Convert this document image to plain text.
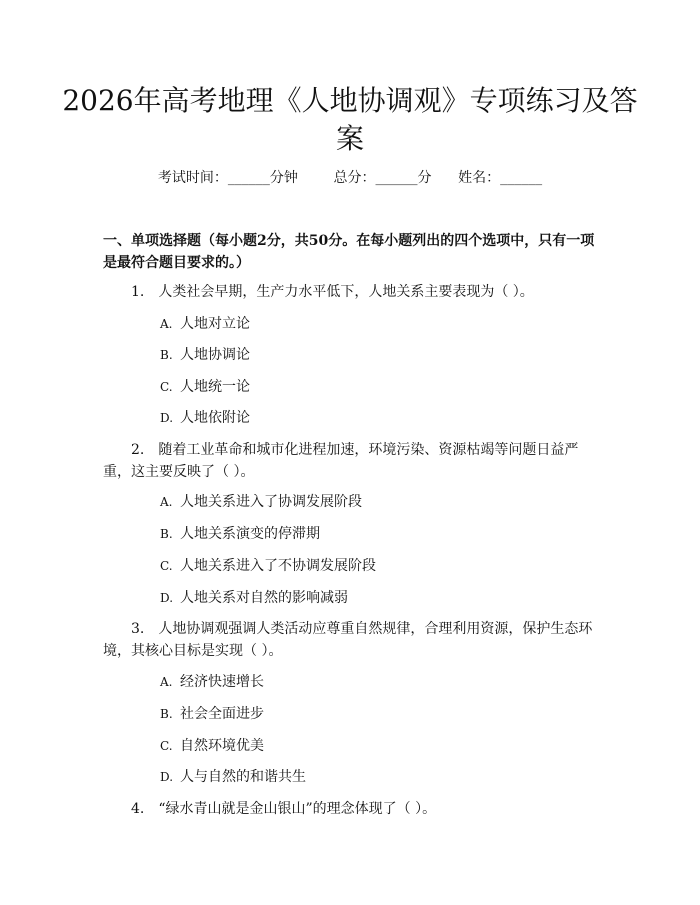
2026年高考地理《人地协调观》专项练习及答案
考试时间：______分钟	总分：______分 姓名：______
一、单项选择题（每小题2分，共50分。在每小题列出的四个选项中，只有一项是最符合题目要求的。）
1.　人类社会早期，生产力水平低下，人地关系主要表现为（ ）。
A. 人地对立论
B. 人地协调论
C. 人地统一论
D. 人地依附论
2.　随着工业革命和城市化进程加速，环境污染、资源枯竭等问题日益严重，这主要反映了（ ）。
A. 人地关系进入了协调发展阶段
B. 人地关系演变的停滞期
C. 人地关系进入了不协调发展阶段
D. 人地关系对自然的影响减弱
3.　人地协调观强调人类活动应尊重自然规律，合理利用资源，保护生态环境，其核心目标是实现（ ）。
A. 经济快速增长
B. 社会全面进步
C. 自然环境优美
D. 人与自然的和谐共生
4.　“绿水青山就是金山银山”的理念体现了（ ）。
